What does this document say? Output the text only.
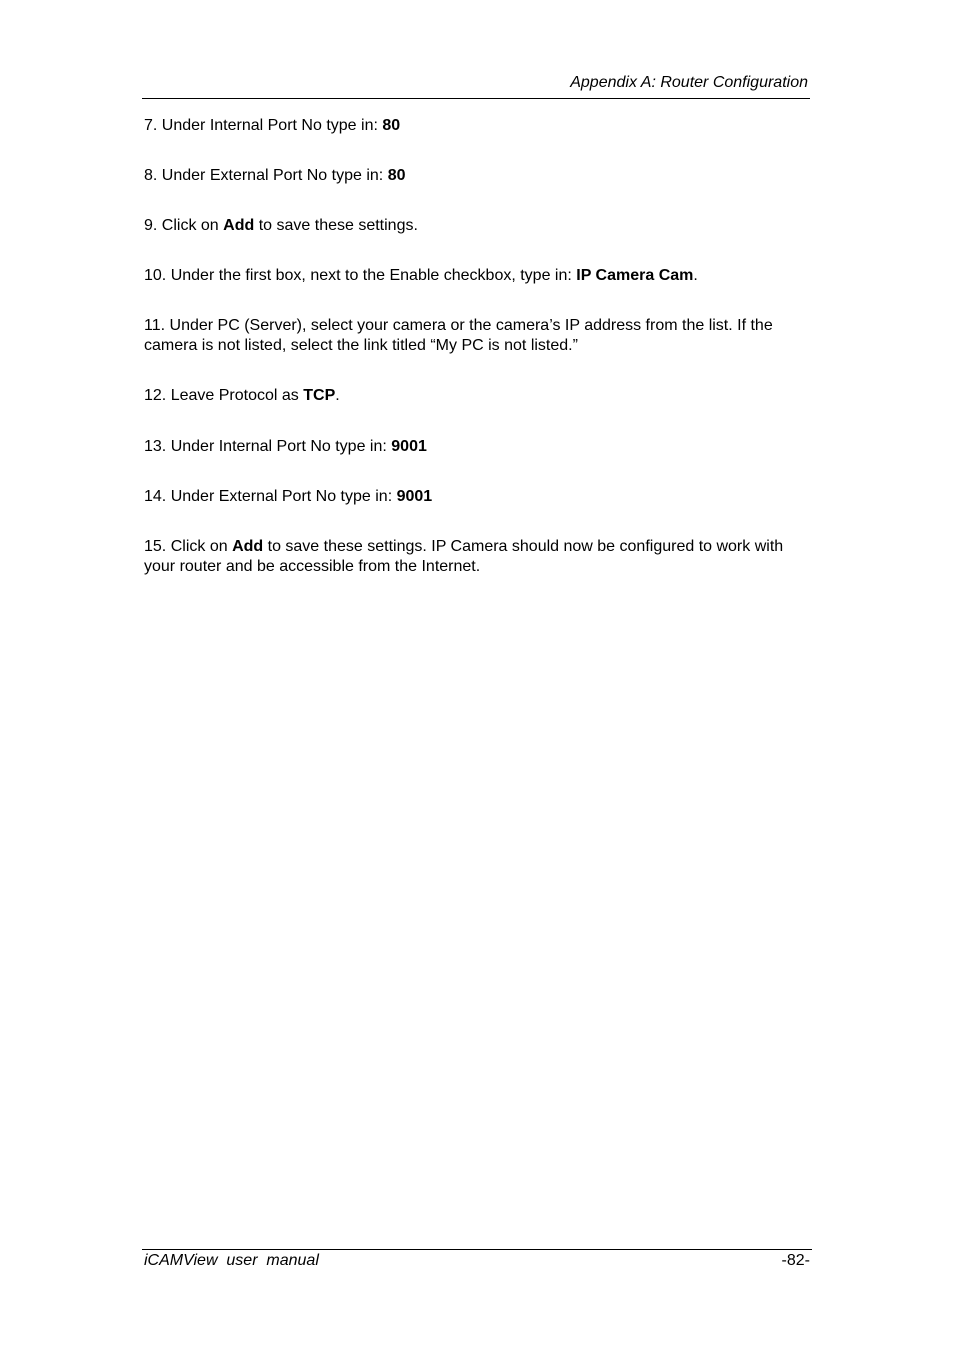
Appendix A: Router Configuration

7. Under Internal Port No type in: 80

8. Under External Port No type in: 80

9. Click on Add to save these settings.

10. Under the first box, next to the Enable checkbox, type in: IP Camera Cam.

11. Under PC (Server), select your camera or the camera’s IP address from the list. If the camera is not listed, select the link titled “My PC is not listed.”

12. Leave Protocol as TCP.

13. Under Internal Port No type in: 9001

14. Under External Port No type in: 9001

15. Click on Add to save these settings. IP Camera should now be configured to work with your router and be accessible from the Internet.

iCAMView  user  manual	-82-
